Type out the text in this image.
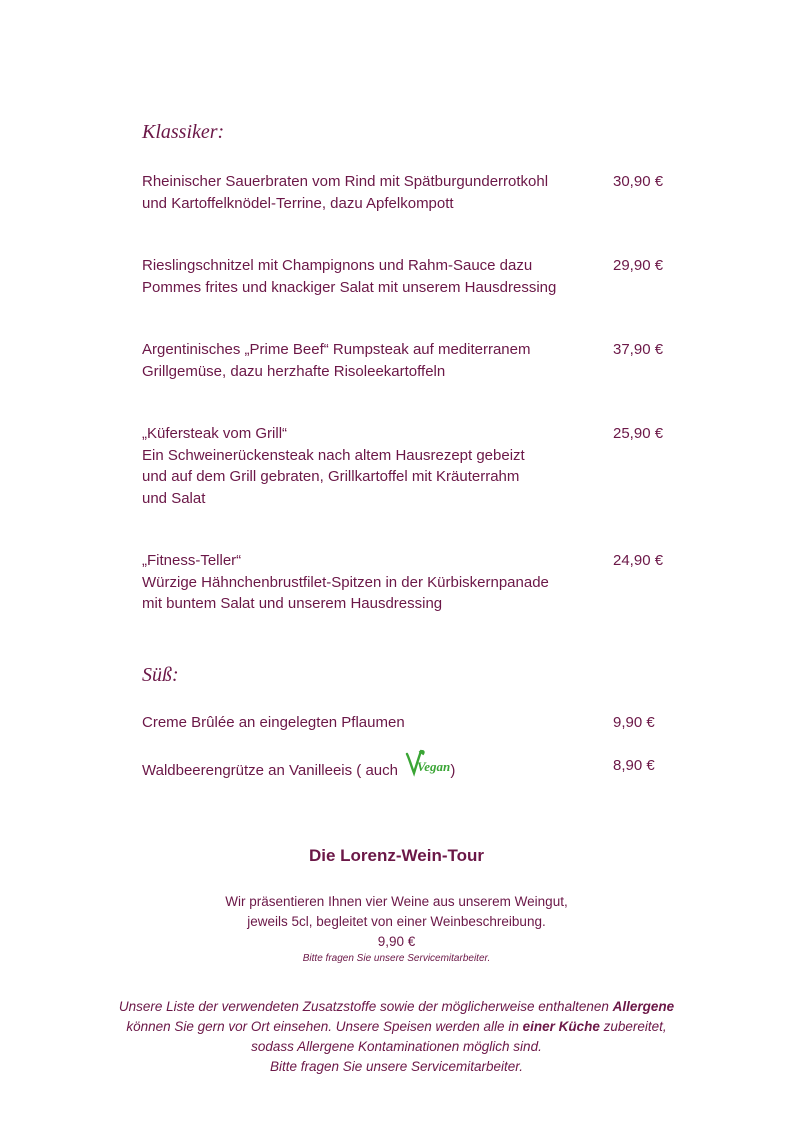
Klassiker:
Rheinischer Sauerbraten vom Rind mit Spätburgunderrotkohl
und Kartoffelknödel-Terrine, dazu Apfelkompott
30,90 €
Rieslingschnitzel mit Champignons und Rahm-Sauce dazu
Pommes frites und knackiger Salat mit unserem Hausdressing
29,90 €
Argentinisches „Prime Beef“ Rumpsteak auf mediterranem
Grillgemüse, dazu herzhafte Risoleekartoffeln
37,90 €
„Küfersteak vom Grill“
Ein Schweinerückensteak nach altem Hausrezept gebeizt
und auf dem Grill gebraten, Grillkartoffel mit Kräuterrahm
und Salat
25,90 €
„Fitness-Teller“
Würzige Hähnchenbrustfilet-Spitzen in der Kürbiskernpanade
mit buntem Salat und unserem Hausdressing
24,90 €
Süß:
Creme Brûlée an eingelegten Pflaumen	9,90 €
Waldbeerengrütze an Vanilleeis ( auch Vegan )	8,90 €
Die Lorenz-Wein-Tour
Wir präsentieren Ihnen vier Weine aus unserem Weingut,
jeweils 5cl, begleitet von einer Weinbeschreibung.
9,90 €
Bitte fragen Sie unsere Servicemitarbeiter.
Unsere Liste der verwendeten Zusatzstoffe sowie der möglicherweise enthaltenen Allergene
können Sie gern vor Ort einsehen. Unsere Speisen werden alle in einer Küche zubereitet,
sodass Allergene Kontaminationen möglich sind.
Bitte fragen Sie unsere Servicemitarbeiter.
